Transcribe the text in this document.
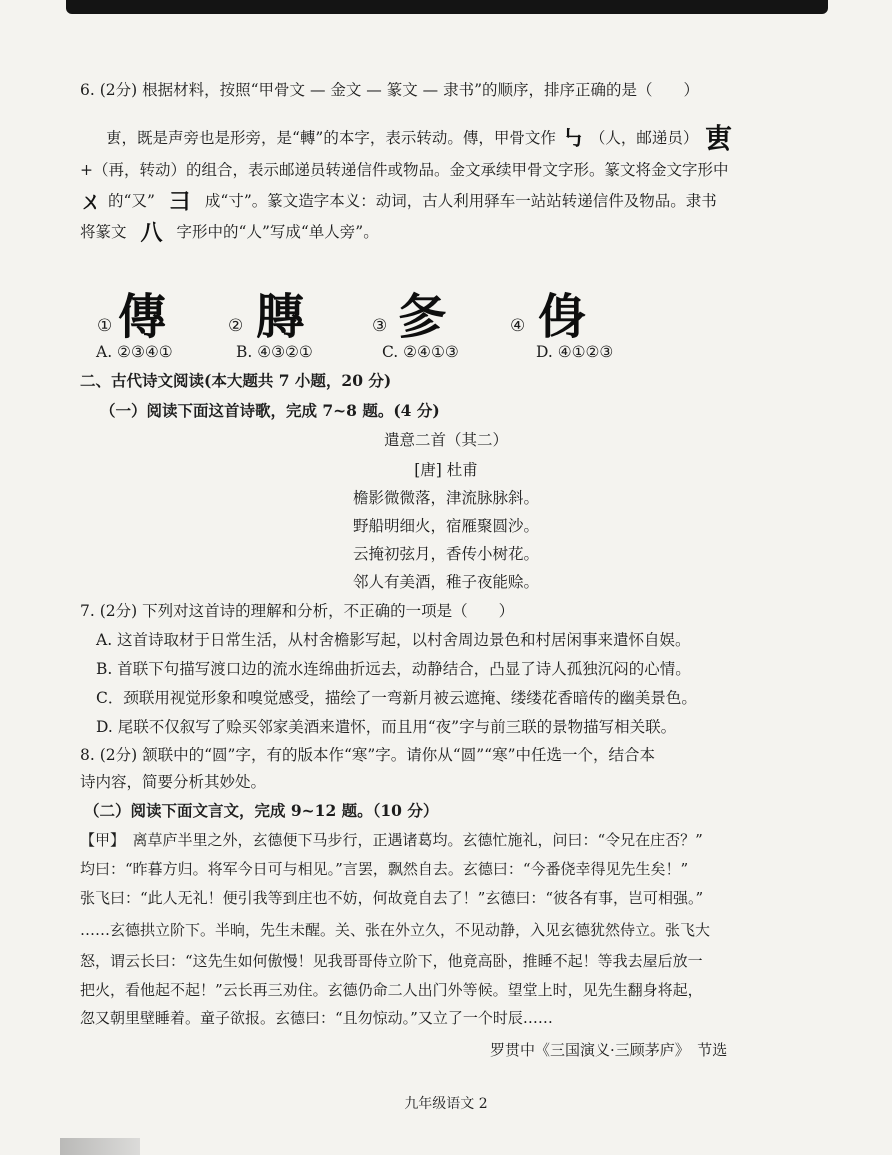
6. (2分) 根据材料，按照“甲骨文 — 金文 — 篆文 — 隶书”的顺序，排序正确的是（　　）
叀，既是声旁也是形旁，是“轉”的本字，表示转动。傳，甲骨文作 ㇉ （人，邮递员） 叀
+（再，转动）的组合，表示邮递员转递信件或物品。金文承续甲骨文字形。篆文将金文字形中
ㄨ 的“又” 彐 成“寸”。篆文造字本义：动词，古人利用驿车一站站转递信件及物品。隶书
将篆文 八 字形中的“人”写成“单人旁”。
① 傳	② 膞	③ 㣊	④ 㑗
A. ②③④①	B. ④③②①	C. ②④①③	D. ④①②③
二、古代诗文阅读(本大题共 7 小题，20 分)
（一）阅读下面这首诗歌，完成 7~8 题。(4 分)
遣意二首（其二）
[唐] 杜甫
檐影微微落，津流脉脉斜。
野船明细火，宿雁聚圆沙。
云掩初弦月，香传小树花。
邻人有美酒，稚子夜能赊。
7. (2分) 下列对这首诗的理解和分析，不正确的一项是（　　）
A. 这首诗取材于日常生活，从村舍檐影写起，以村舍周边景色和村居闲事来遣怀自娱。
B. 首联下句描写渡口边的流水连绵曲折远去，动静结合，凸显了诗人孤独沉闷的心情。
C．颈联用视觉形象和嗅觉感受，描绘了一弯新月被云遮掩、缕缕花香暗传的幽美景色。
D. 尾联不仅叙写了赊买邻家美酒来遣怀，而且用“夜”字与前三联的景物描写相关联。
8. (2分) 颔联中的“圆”字，有的版本作“寒”字。请你从“圆”“寒”中任选一个，结合本
诗内容，简要分析其妙处。
（二）阅读下面文言文，完成 9~12 题。（10 分）
【甲】　离草庐半里之外，玄德便下马步行，正遇诸葛均。玄德忙施礼，问曰：“令兄在庄否？”
均曰：“昨暮方归。将军今日可与相见。”言罢，飘然自去。玄德曰：“今番侥幸得见先生矣！”
张飞曰：“此人无礼！便引我等到庄也不妨，何故竟自去了！”玄德曰：“彼各有事，岂可相强。”
……玄德拱立阶下。半晌，先生未醒。关、张在外立久，不见动静，入见玄德犹然侍立。张飞大
怒，谓云长曰：“这先生如何傲慢！见我哥哥侍立阶下，他竟高卧，推睡不起！等我去屋后放一
把火，看他起不起！”云长再三劝住。玄德仍命二人出门外等候。望堂上时，见先生翻身将起，
忽又朝里壁睡着。童子欲报。玄德曰：“且勿惊动。”又立了一个时辰……
罗贯中《三国演义·三顾茅庐》　节选
九年级语文 2
